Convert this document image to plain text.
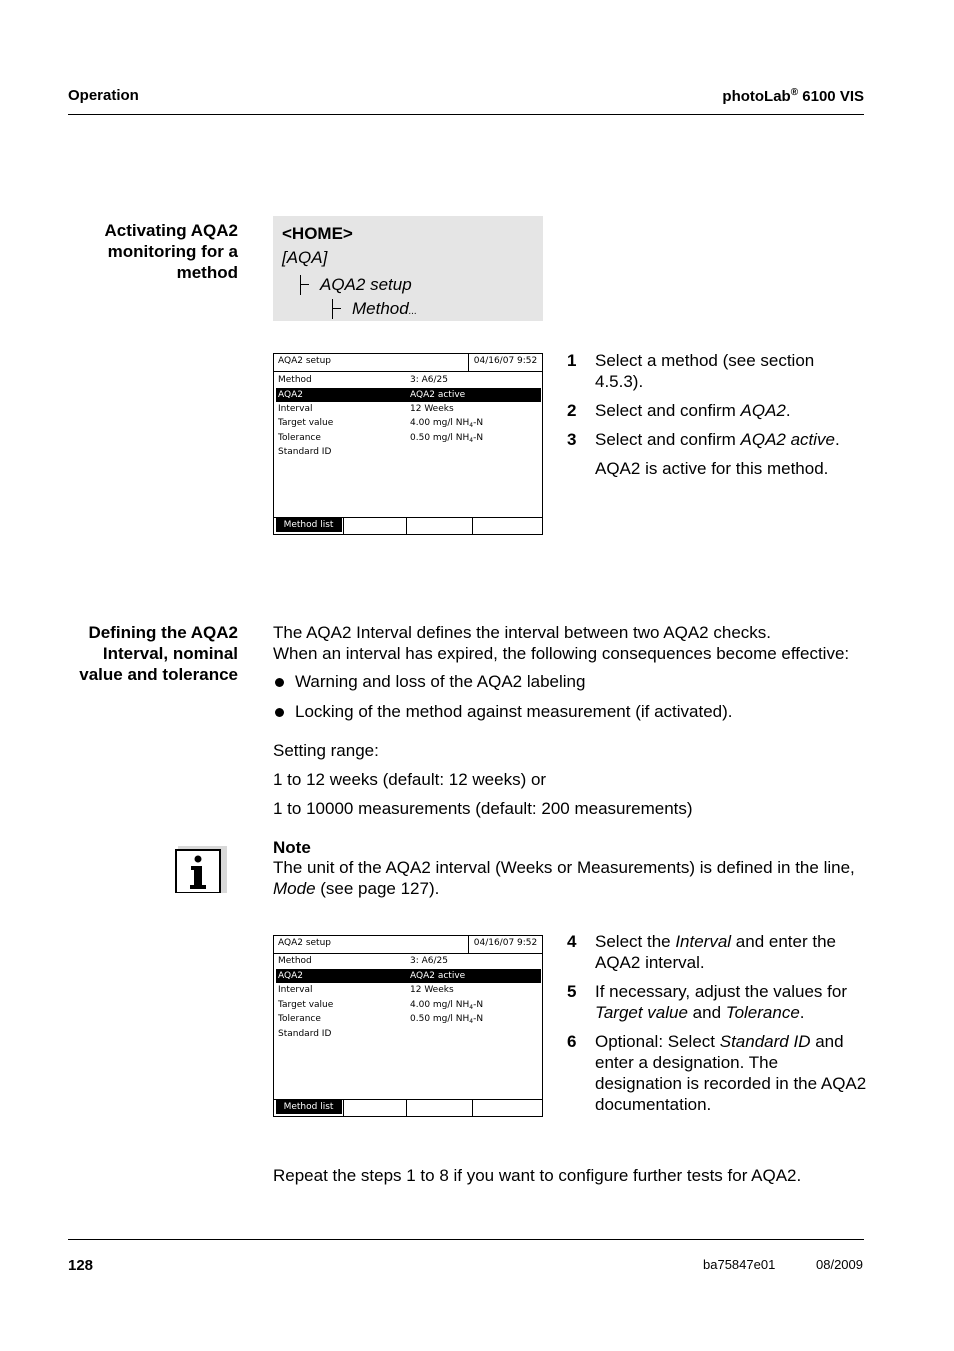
Operation	photoLab® 6100 VIS
Activating AQA2
monitoring for a
method
<HOME>
[AQA]
AQA2 setup
Method...
AQA2 setup	04/16/07 9:52
Method	3: A6/25
AQA2	AQA2 active
Interval	12 Weeks
Target value	4.00 mg/l $NH_4-N$
Tolerance	0.50 mg/l $NH_4-N$
Standard ID
Method list
1 Select a method (see section 4.5.3).
2 Select and confirm AQA2.
3 Select and confirm AQA2 active.
AQA2 is active for this method.
Defining the AQA2
Interval, nominal
value and tolerance
The AQA2 Interval defines the interval between two AQA2 checks.
When an interval has expired, the following consequences become effective:
Warning and loss of the AQA2 labeling
Locking of the method against measurement (if activated).
Setting range:
1 to 12 weeks (default: 12 weeks) or
1 to 10000 measurements (default: 200 measurements)
Note
The unit of the AQA2 interval (Weeks or Measurements) is defined in the line,
Mode (see page 127).
AQA2 setup	04/16/07 9:52
Method	3: A6/25
AQA2	AQA2 active
Interval	12 Weeks
Target value	4.00 mg/l $NH_4-N$
Tolerance	0.50 mg/l $NH_4-N$
Standard ID
Method list
4 Select the Interval and enter the AQA2 interval.
5 If necessary, adjust the values for Target value and Tolerance.
6 Optional: Select Standard ID and enter a designation. The designation is recorded in the AQA2 documentation.
Repeat the steps 1 to 8 if you want to configure further tests for AQA2.
128	ba75847e01	08/2009
